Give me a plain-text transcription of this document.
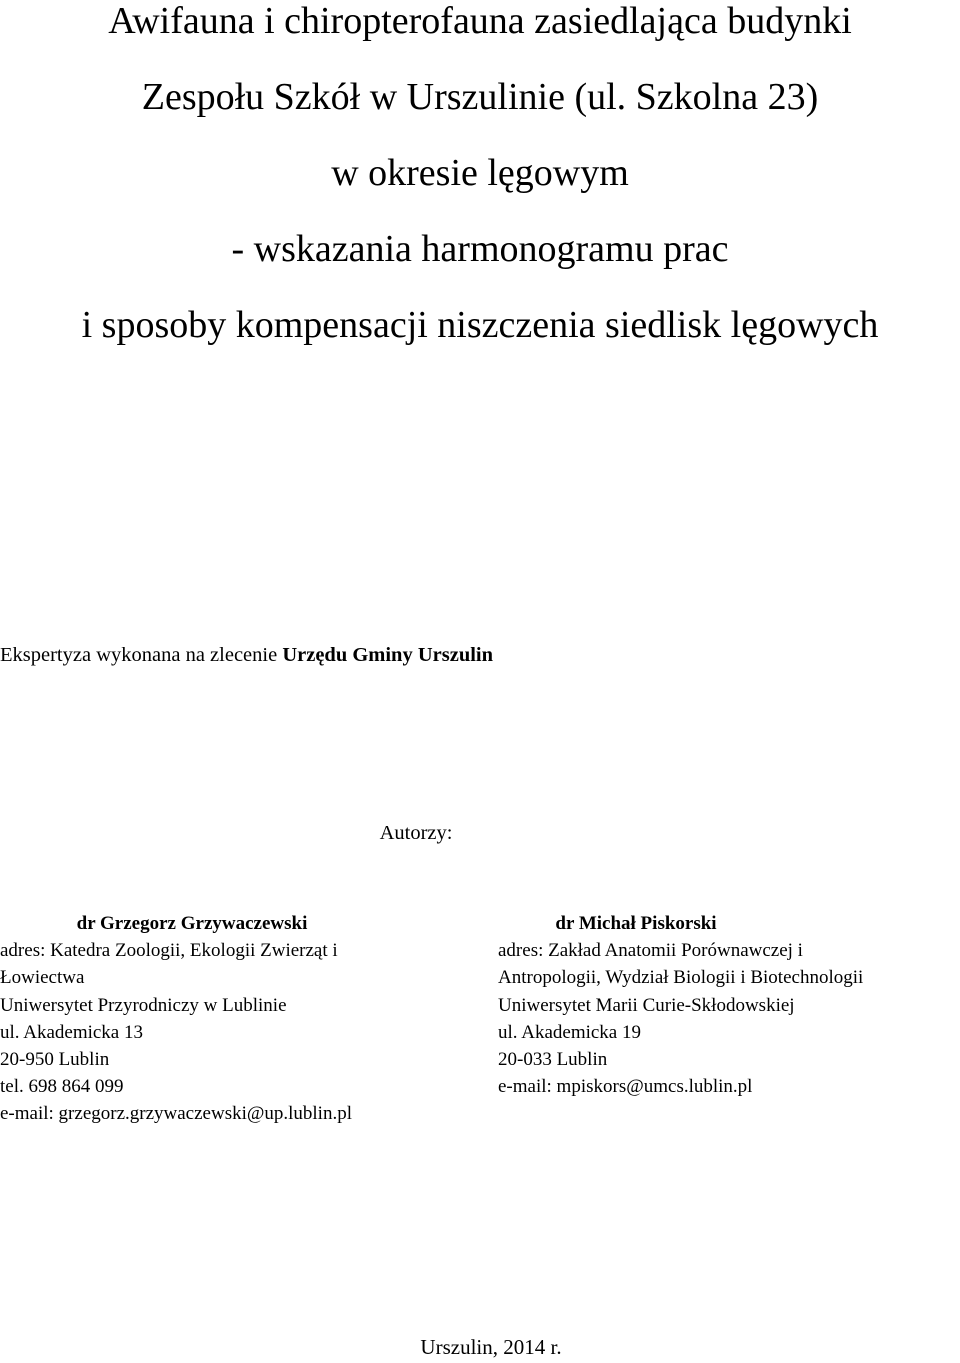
Awifauna i chiropterofauna zasiedlająca budynki

Zespołu Szkół w Urszulinie (ul. Szkolna 23)

w okresie lęgowym

- wskazania harmonogramu prac

i sposoby kompensacji niszczenia siedlisk lęgowych

Ekspertyza wykonana na zlecenie Urzędu Gminy Urszulin
Autorzy:
dr Grzegorz Grzywaczewski
adres: Katedra Zoologii, Ekologii Zwierząt i
Łowiectwa
Uniwersytet Przyrodniczy w Lublinie
ul. Akademicka 13
20-950 Lublin
tel. 698 864 099
e-mail: grzegorz.grzywaczewski@up.lublin.pl
dr Michał Piskorski
adres: Zakład Anatomii Porównawczej i
Antropologii, Wydział Biologii i Biotechnologii
Uniwersytet Marii Curie-Skłodowskiej
ul. Akademicka 19
20-033 Lublin
e-mail: mpiskors@umcs.lublin.pl
Urszulin, 2014 r.
